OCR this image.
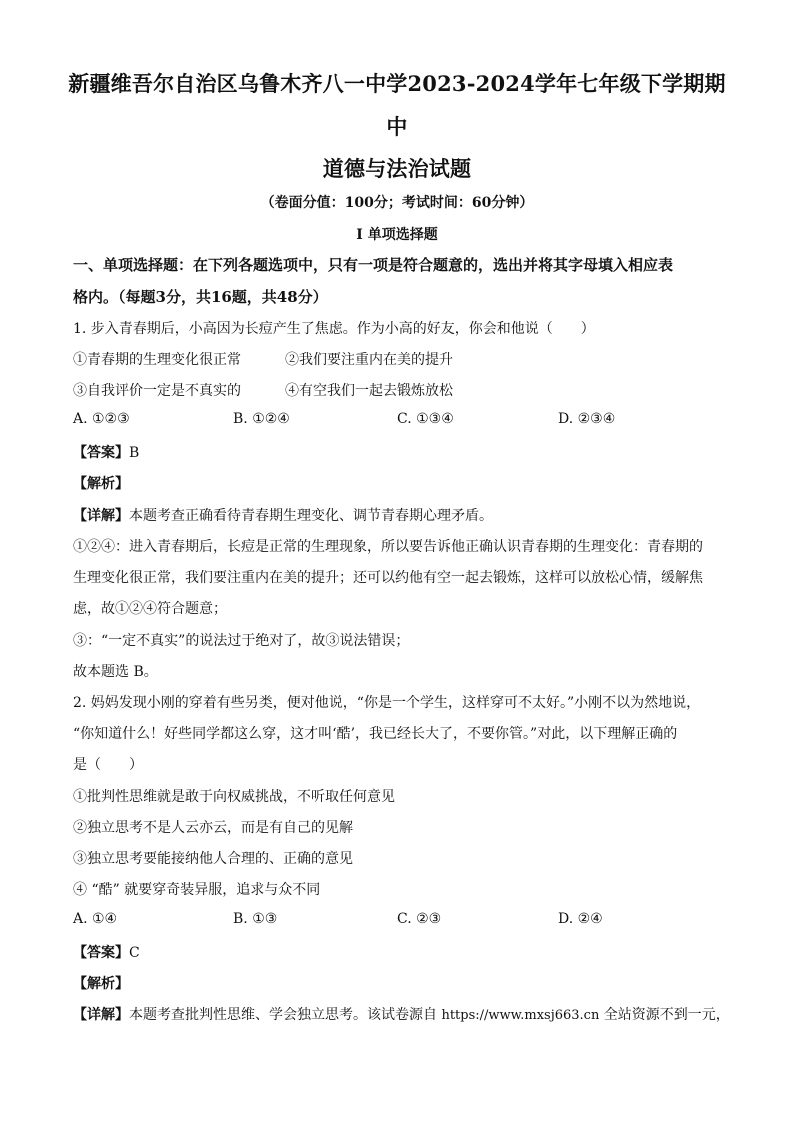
新疆维吾尔自治区乌鲁木齐八一中学2023-2024学年七年级下学期期
中
道德与法治试题
（卷面分值：100分；考试时间：60分钟）
I 单项选择题
一、单项选择题：在下列各题选项中，只有一项是符合题意的，选出并将其字母填入相应表
格内。（每题3分，共16题，共48分）
1. 步入青春期后，小高因为长痘产生了焦虑。作为小高的好友，你会和他说（　　）
①青春期的生理变化很正常	②我们要注重内在美的提升
③自我评价一定是不真实的	④有空我们一起去锻炼放松
A. ①②③	B. ①②④	C. ①③④	D. ②③④
【答案】B
【解析】
【详解】本题考查正确看待青春期生理变化、调节青春期心理矛盾。
①②④：进入青春期后，长痘是正常的生理现象，所以要告诉他正确认识青春期的生理变化：青春期的
生理变化很正常，我们要注重内在美的提升；还可以约他有空一起去锻炼，这样可以放松心情，缓解焦
虑，故①②④符合题意；
③：“一定不真实”的说法过于绝对了，故③说法错误；
故本题选 B。
2. 妈妈发现小刚的穿着有些另类，便对他说，“你是一个学生，这样穿可不太好。”小刚不以为然地说，
“你知道什么！好些同学都这么穿，这才叫‘酷’，我已经长大了，不要你管。”对此，以下理解正确的
是（　　）
①批判性思维就是敢于向权威挑战，不听取任何意见
②独立思考不是人云亦云，而是有自己的见解
③独立思考要能接纳他人合理的、正确的意见
④ “酷” 就要穿奇装异服，追求与众不同
A. ①④	B. ①③	C. ②③	D. ②④
【答案】C
【解析】
【详解】本题考查批判性思维、学会独立思考。该试卷源自 https://www.mxsj663.cn 全站资源不到一元，
